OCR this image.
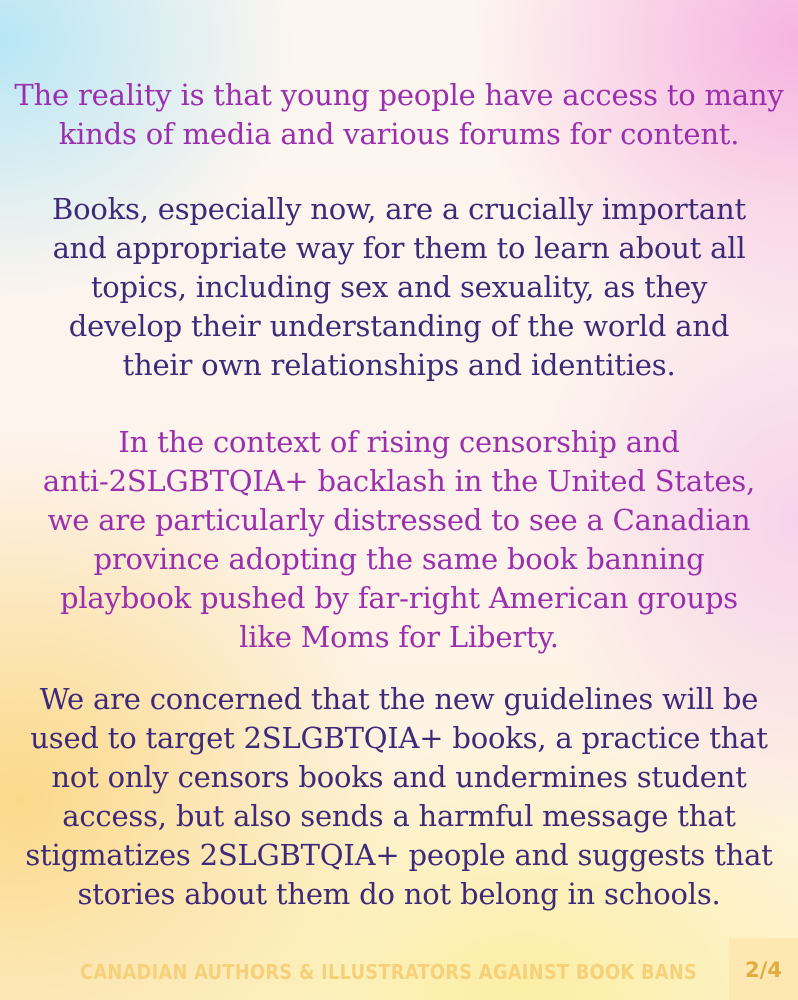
The reality is that young people have access to many
kinds of media and various forums for content.

Books, especially now, are a crucially important
and appropriate way for them to learn about all
topics, including sex and sexuality, as they
develop their understanding of the world and
their own relationships and identities.

In the context of rising censorship and
anti-2SLGBTQIA+ backlash in the United States,
we are particularly distressed to see a Canadian
province adopting the same book banning
playbook pushed by far-right American groups
like Moms for Liberty.

We are concerned that the new guidelines will be
used to target 2SLGBTQIA+ books, a practice that
not only censors books and undermines student
access, but also sends a harmful message that
stigmatizes 2SLGBTQIA+ people and suggests that
stories about them do not belong in schools.

CANADIAN AUTHORS & ILLUSTRATORS AGAINST BOOK BANS	2/4
